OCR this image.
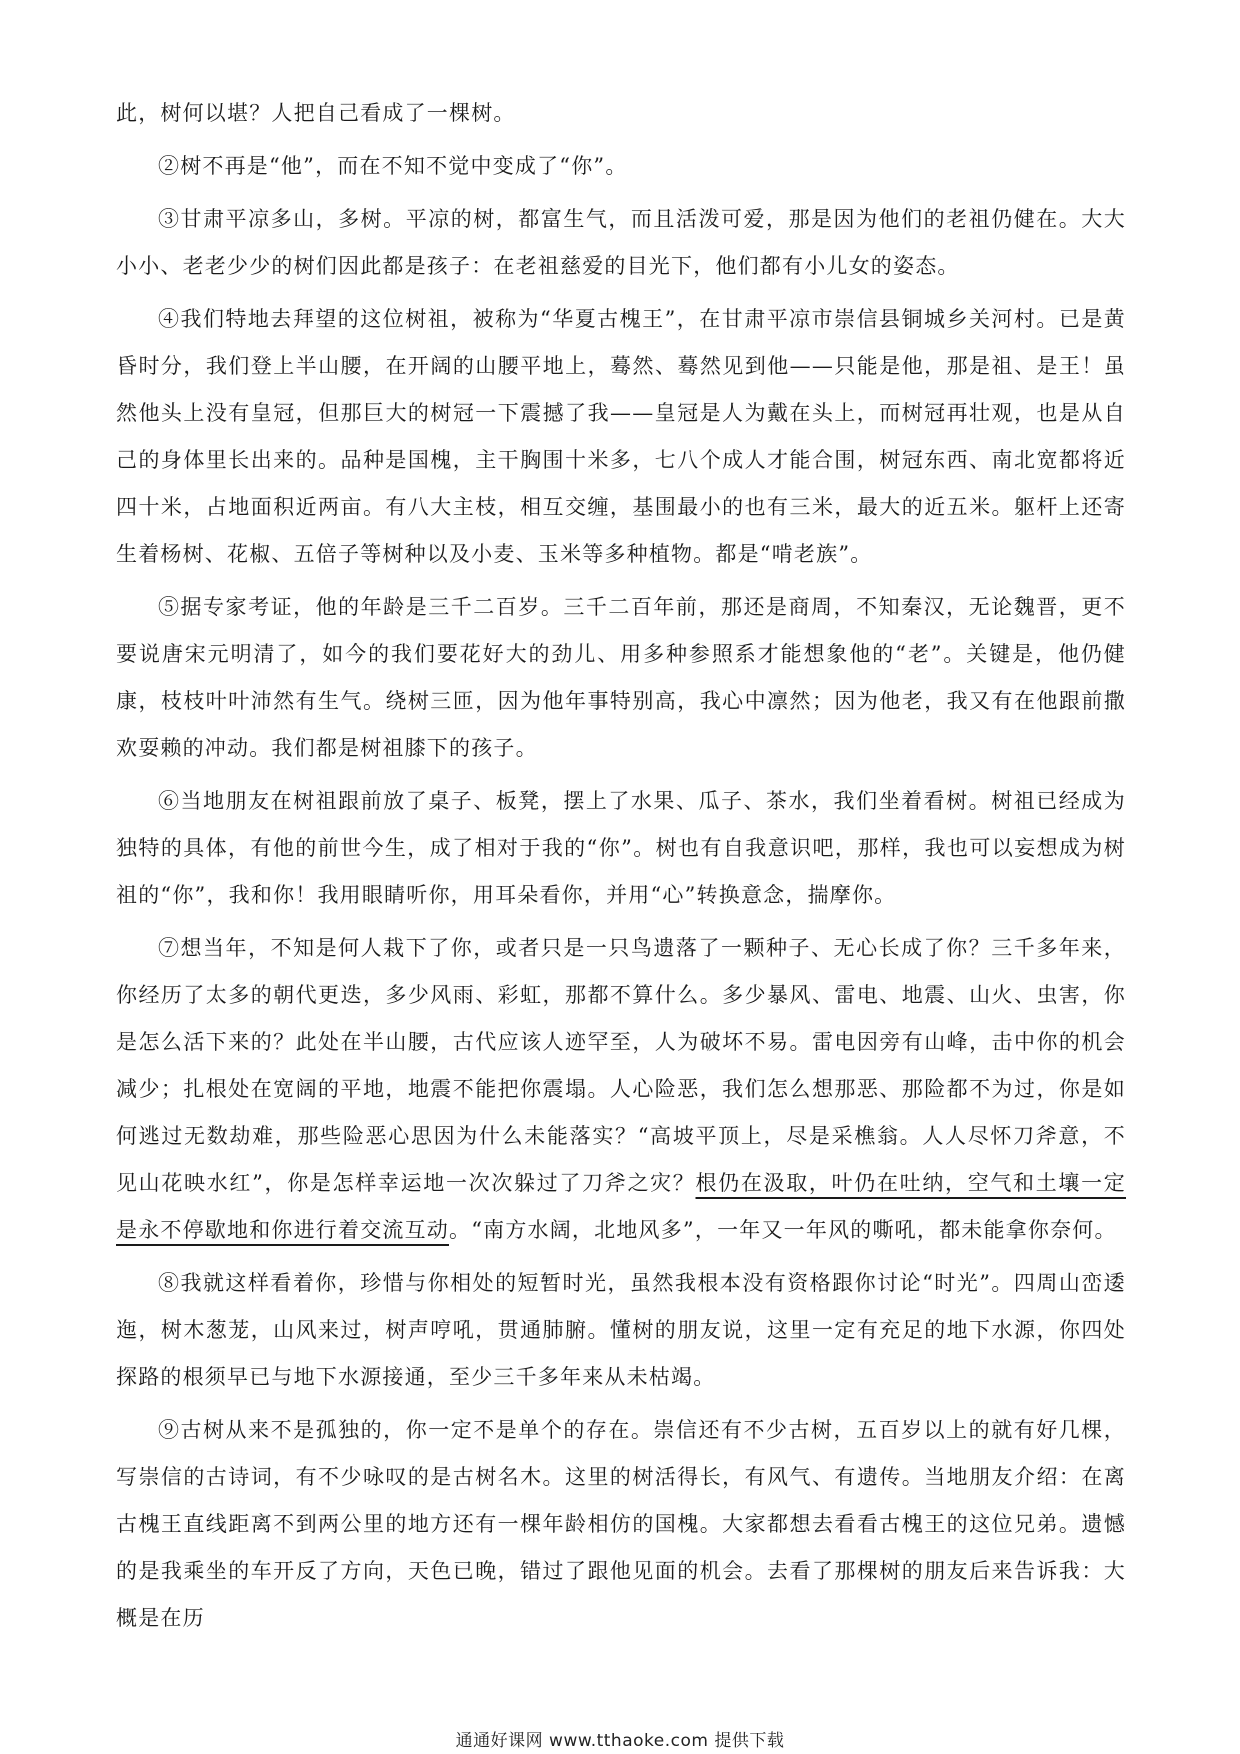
此，树何以堪？人把自己看成了一棵树。

②树不再是“他”，而在不知不觉中变成了“你”。

③甘肃平凉多山，多树。平凉的树，都富生气，而且活泼可爱，那是因为他们的老祖仍健在。大大小小、老老少少的树们因此都是孩子：在老祖慈爱的目光下，他们都有小儿女的姿态。

④我们特地去拜望的这位树祖，被称为“华夏古槐王”，在甘肃平凉市崇信县铜城乡关河村。已是黄昏时分，我们登上半山腰，在开阔的山腰平地上，蓦然、蓦然见到他——只能是他，那是祖、是王！虽然他头上没有皇冠，但那巨大的树冠一下震撼了我——皇冠是人为戴在头上，而树冠再壮观，也是从自己的身体里长出来的。品种是国槐，主干胸围十米多，七八个成人才能合围，树冠东西、南北宽都将近四十米，占地面积近两亩。有八大主枝，相互交缠，基围最小的也有三米，最大的近五米。躯杆上还寄生着杨树、花椒、五倍子等树种以及小麦、玉米等多种植物。都是“啃老族”。

⑤据专家考证，他的年龄是三千二百岁。三千二百年前，那还是商周，不知秦汉，无论魏晋，更不要说唐宋元明清了，如今的我们要花好大的劲儿、用多种参照系才能想象他的“老”。关键是，他仍健康，枝枝叶叶沛然有生气。绕树三匝，因为他年事特别高，我心中凛然；因为他老，我又有在他跟前撒欢耍赖的冲动。我们都是树祖膝下的孩子。

⑥当地朋友在树祖跟前放了桌子、板凳，摆上了水果、瓜子、茶水，我们坐着看树。树祖已经成为独特的具体，有他的前世今生，成了相对于我的“你”。树也有自我意识吧，那样，我也可以妄想成为树祖的“你”，我和你！我用眼睛听你，用耳朵看你，并用“心”转换意念，揣摩你。

⑦想当年，不知是何人栽下了你，或者只是一只鸟遗落了一颗种子、无心长成了你？三千多年来，你经历了太多的朝代更迭，多少风雨、彩虹，那都不算什么。多少暴风、雷电、地震、山火、虫害，你是怎么活下来的？此处在半山腰，古代应该人迹罕至，人为破坏不易。雷电因旁有山峰，击中你的机会减少；扎根处在宽阔的平地，地震不能把你震塌。人心险恶，我们怎么想那恶、那险都不为过，你是如何逃过无数劫难，那些险恶心思因为什么未能落实？“高坡平顶上，尽是采樵翁。人人尽怀刀斧意，不见山花映水红”，你是怎样幸运地一次次躲过了刀斧之灾？根仍在汲取，叶仍在吐纳，空气和土壤一定是永不停歇地和你进行着交流互动。“南方水阔，北地风多”，一年又一年风的嘶吼，都未能拿你奈何。

⑧我就这样看着你，珍惜与你相处的短暂时光，虽然我根本没有资格跟你讨论“时光”。四周山峦逶迤，树木葱茏，山风来过，树声哼吼，贯通肺腑。懂树的朋友说，这里一定有充足的地下水源，你四处探路的根须早已与地下水源接通，至少三千多年来从未枯竭。

⑨古树从来不是孤独的，你一定不是单个的存在。崇信还有不少古树，五百岁以上的就有好几棵，写崇信的古诗词，有不少咏叹的是古树名木。这里的树活得长，有风气、有遗传。当地朋友介绍：在离古槐王直线距离不到两公里的地方还有一棵年龄相仿的国槐。大家都想去看看古槐王的这位兄弟。遗憾的是我乘坐的车开反了方向，天色已晚，错过了跟他见面的机会。去看了那棵树的朋友后来告诉我：大概是在历

通通好课网 www.tthaoke.com 提供下载
